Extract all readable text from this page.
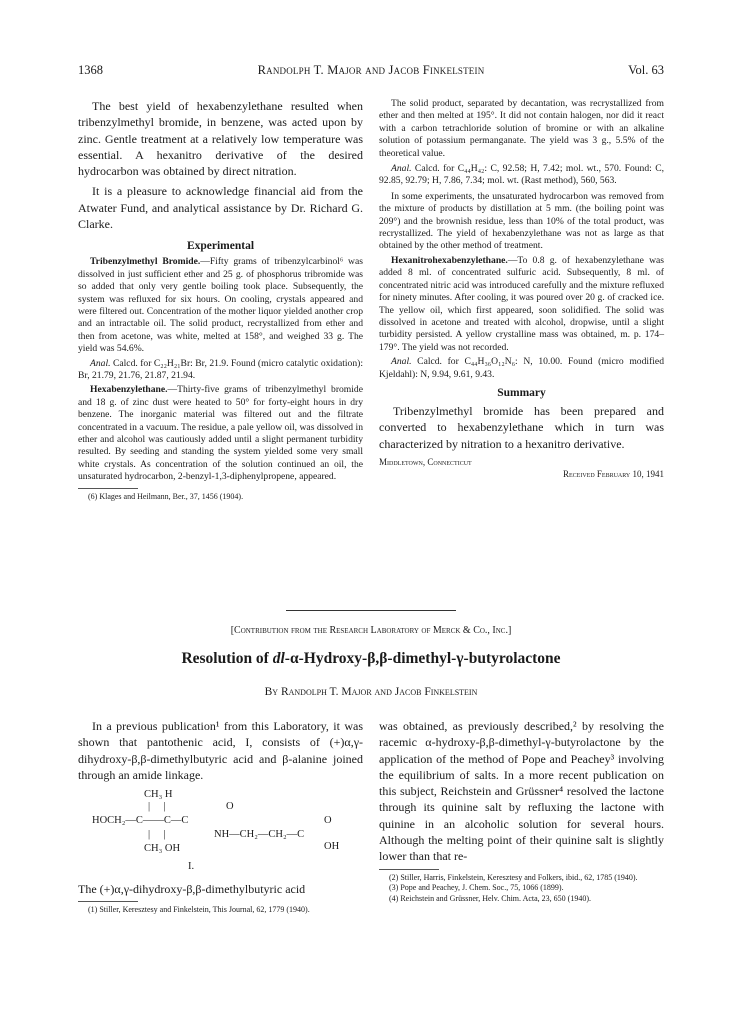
1368	Randolph T. Major and Jacob Finkelstein	Vol. 63

The best yield of hexabenzylethane resulted when tribenzylmethyl bromide, in benzene, was acted upon by zinc. Gentle treatment at a relatively low temperature was essential. A hexanitro derivative of the desired hydrocarbon was obtained by direct nitration.

It is a pleasure to acknowledge financial aid from the Atwater Fund, and analytical assistance by Dr. Richard G. Clarke.

Experimental

Tribenzylmethyl Bromide.—Fifty grams of tribenzylcarbinol⁶ was dissolved in just sufficient ether and 25 g. of phosphorus tribromide was so added that only very gentle boiling took place. Subsequently, the system was refluxed for six hours. On cooling, crystals appeared and were filtered out. Concentration of the mother liquor yielded another crop and an intractable oil. The solid product, recrystallized from ether and then from acetone, was white, melted at 158°, and weighed 33 g. The yield was 54.6%.

Anal. Calcd. for C₂₂H₂₁Br: Br, 21.9. Found (micro catalytic oxidation): Br, 21.79, 21.76, 21.87, 21.94.

Hexabenzylethane.—Thirty-five grams of tribenzylmethyl bromide and 18 g. of zinc dust were heated to 50° for forty-eight hours in dry benzene. The inorganic material was filtered out and the filtrate concentrated in a vacuum. The residue, a pale yellow oil, was dissolved in ether and alcohol was cautiously added until a slight permanent turbidity resulted. By seeding and standing the system yielded some very small white crystals. As concentration of the solution continued an oil, the unsaturated hydrocarbon, 2-benzyl-1,3-diphenylpropene, appeared.

(6) Klages and Heilmann, Ber., 37, 1456 (1904).

The solid product, separated by decantation, was recrystallized from ether and then melted at 195°. It did not contain halogen, nor did it react with a carbon tetrachloride solution of bromine or with an alkaline solution of potassium permanganate. The yield was 3 g., 5.5% of the theoretical value.

Anal. Calcd. for C₄₄H₄₂: C, 92.58; H, 7.42; mol. wt., 570. Found: C, 92.85, 92.79; H, 7.86, 7.34; mol. wt. (Rast method), 560, 563.

In some experiments, the unsaturated hydrocarbon was removed from the mixture of products by distillation at 5 mm. (the boiling point was 209°) and the brownish residue, less than 10% of the total product, was recrystallized. The yield of hexabenzylethane was not as large as that obtained by the other method of treatment.

Hexanitrohexabenzylethane.—To 0.8 g. of hexabenzylethane was added 8 ml. of concentrated sulfuric acid. Subsequently, 8 ml. of concentrated nitric acid was introduced carefully and the mixture refluxed for ninety minutes. After cooling, it was poured over 20 g. of cracked ice. The yellow oil, which first appeared, soon solidified. The solid was dissolved in acetone and treated with alcohol, dropwise, until a slight turbidity persisted. A yellow crystalline mass was obtained, m. p. 174–179°. The yield was not recorded.

Anal. Calcd. for C₄₄H₃₆O₁₂N₆: N, 10.00. Found (micro modified Kjeldahl): N, 9.94, 9.61, 9.43.

Summary

Tribenzylmethyl bromide has been prepared and converted to hexabenzylethane which in turn was characterized by nitration to a hexanitro derivative.

Middletown, Connecticut
Received February 10, 1941
[Contribution from the Research Laboratory of Merck & Co., Inc.]
Resolution of dl-α-Hydroxy-β,β-dimethyl-γ-butyrolactone
By Randolph T. Major and Jacob Finkelstein

In a previous publication¹ from this Laboratory, it was shown that pantothenic acid, I, consists of (+)α,γ-dihydroxy-β,β-dimethylbutyric acid and β-alanine joined through an amide linkage.

CH₃ H
|     |
HOCH₂—C——C—C
O
NH—CH₂—CH₂—C
O
OH
|     |
CH₃ OH
I.

The (+)α,γ-dihydroxy-β,β-dimethylbutyric acid

(1) Stiller, Keresztesy and Finkelstein, This Journal, 62, 1779 (1940).

was obtained, as previously described,² by resolving the racemic α-hydroxy-β,β-dimethyl-γ-butyrolactone by the application of the method of Pope and Peachey³ involving the equilibrium of salts. In a more recent publication on this subject, Reichstein and Grüssner⁴ resolved the lactone through its quinine salt by refluxing the lactone with quinine in an alcoholic solution for several hours. Although the melting point of their quinine salt is slightly lower than that re-

(2) Stiller, Harris, Finkelstein, Keresztesy and Folkers, ibid., 62, 1785 (1940).

(3) Pope and Peachey, J. Chem. Soc., 75, 1066 (1899).

(4) Reichstein and Grüssner, Helv. Chim. Acta, 23, 650 (1940).
